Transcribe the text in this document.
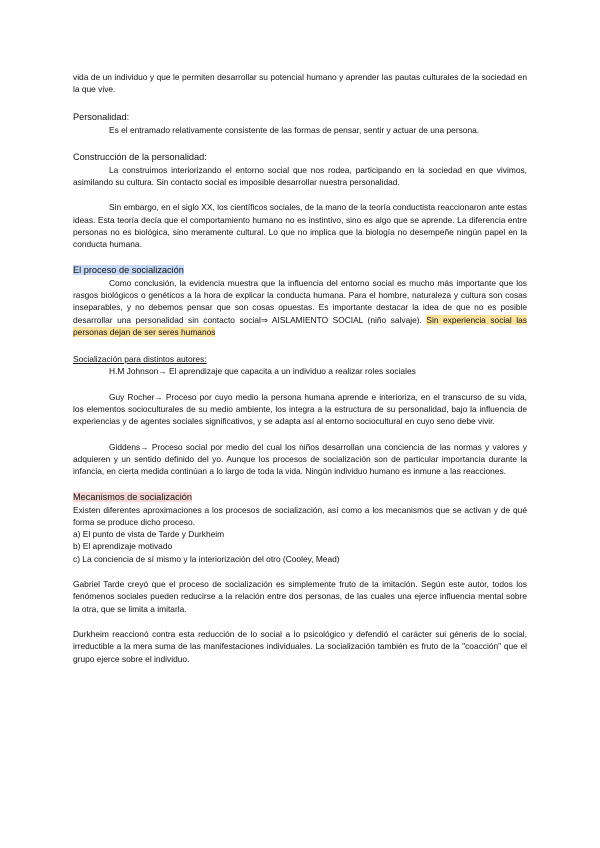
vida de un individuo y que le permiten desarrollar su potencial humano y aprender las pautas culturales de la sociedad en la que vive.

Personalidad:

Es el entramado relativamente consistente de las formas de pensar, sentir y actuar de una persona.

Construcción de la personalidad:

La construimos interiorizando el entorno social que nos rodea, participando en la sociedad en que vivimos, asimilando su cultura. Sin contacto social es imposible desarrollar nuestra personalidad.

Sin embargo, en el siglo XX, los científicos sociales, de la mano de la teoría conductista reaccionaron ante estas ideas. Esta teoría decía que el comportamiento humano no es instintivo, sino es algo que se aprende. La diferencia entre personas no es biológica, sino meramente cultural. Lo que no implica que la biología no desempeñe ningún papel en la conducta humana.

El proceso de socialización

Como conclusión, la evidencia muestra que la influencia del entorno social es mucho más importante que los rasgos biológicos o genéticos a la hora de explicar la conducta humana. Para el hombre, naturaleza y cultura son cosas inseparables, y no debemos pensar que son cosas opuestas. Es importante destacar la idea de que no es posible desarrollar una personalidad sin contacto social⇒ AISLAMIENTO SOCIAL (niño salvaje). Sin experiencia social las personas dejan de ser seres humanos

Socialización para distintos autores:

H.M Johnson→ El aprendizaje que capacita a un individuo a realizar roles sociales

Guy Rocher→ Proceso por cuyo medio la persona humana aprende e interioriza, en el transcurso de su vida, los elementos socioculturales de su medio ambiente, los integra a la estructura de su personalidad, bajo la influencia de experiencias y de agentes sociales significativos, y se adapta así al entorno sociocultural en cuyo seno debe vivir.

Giddens→ Proceso social por medio del cual los niños desarrollan una conciencia de las normas y valores y adquieren y un sentido definido del yo. Aunque los procesos de socialización son de particular importancia durante la infancia, en cierta medida continúan a lo largo de toda la vida. Ningún individuo humano es inmune a las reacciones.

Mecanismos de socialización

Existen diferentes aproximaciones a los procesos de socialización, así como a los mecanismos que se activan y de qué forma se produce dicho proceso.

a) El punto de vista de Tarde y Durkheim

b) El aprendizaje motivado

c) La conciencia de sí mismo y la interiorización del otro (Cooley, Mead)

Gabriel Tarde creyó que el proceso de socialización es simplemente fruto de la imitación. Según este autor, todos los fenómenos sociales pueden reducirse a la relación entre dos personas, de las cuales una ejerce influencia mental sobre la otra, que se limita a imitarla.

Durkheim reaccionó contra esta reducción de lo social a lo psicológico y defendió el carácter sui géneris de lo social, irreductible a la mera suma de las manifestaciones individuales. La socialización también es fruto de la "coacción" que el grupo ejerce sobre el individuo.
